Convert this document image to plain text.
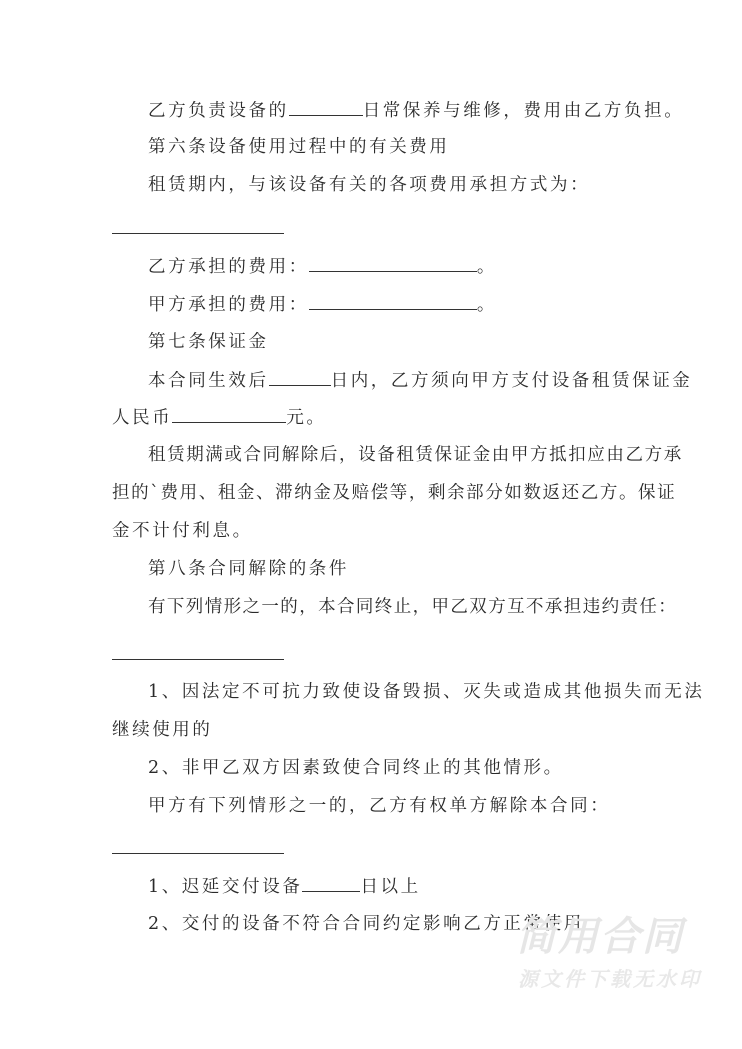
乙方负责设备的	日常保养与维修，费用由乙方负担。
第六条设备使用过程中的有关费用
租赁期内，与该设备有关的各项费用承担方式为：
乙方承担的费用：	。
甲方承担的费用：	。
第七条保证金
本合同生效后	日内，乙方须向甲方支付设备租赁保证金
人民币	元。
租赁期满或合同解除后，设备租赁保证金由甲方抵扣应由乙方承
担的`费用、租金、滞纳金及赔偿等，剩余部分如数返还乙方。保证
金不计付利息。
第八条合同解除的条件
有下列情形之一的，本合同终止，甲乙双方互不承担违约责任：
1、因法定不可抗力致使设备毁损、灭失或造成其他损失而无法
继续使用的
2、非甲乙双方因素致使合同终止的其他情形。
甲方有下列情形之一的，乙方有权单方解除本合同：
1、迟延交付设备	日以上
2、交付的设备不符合合同约定影响乙方正常使用
简用合同
源文件下载无水印
